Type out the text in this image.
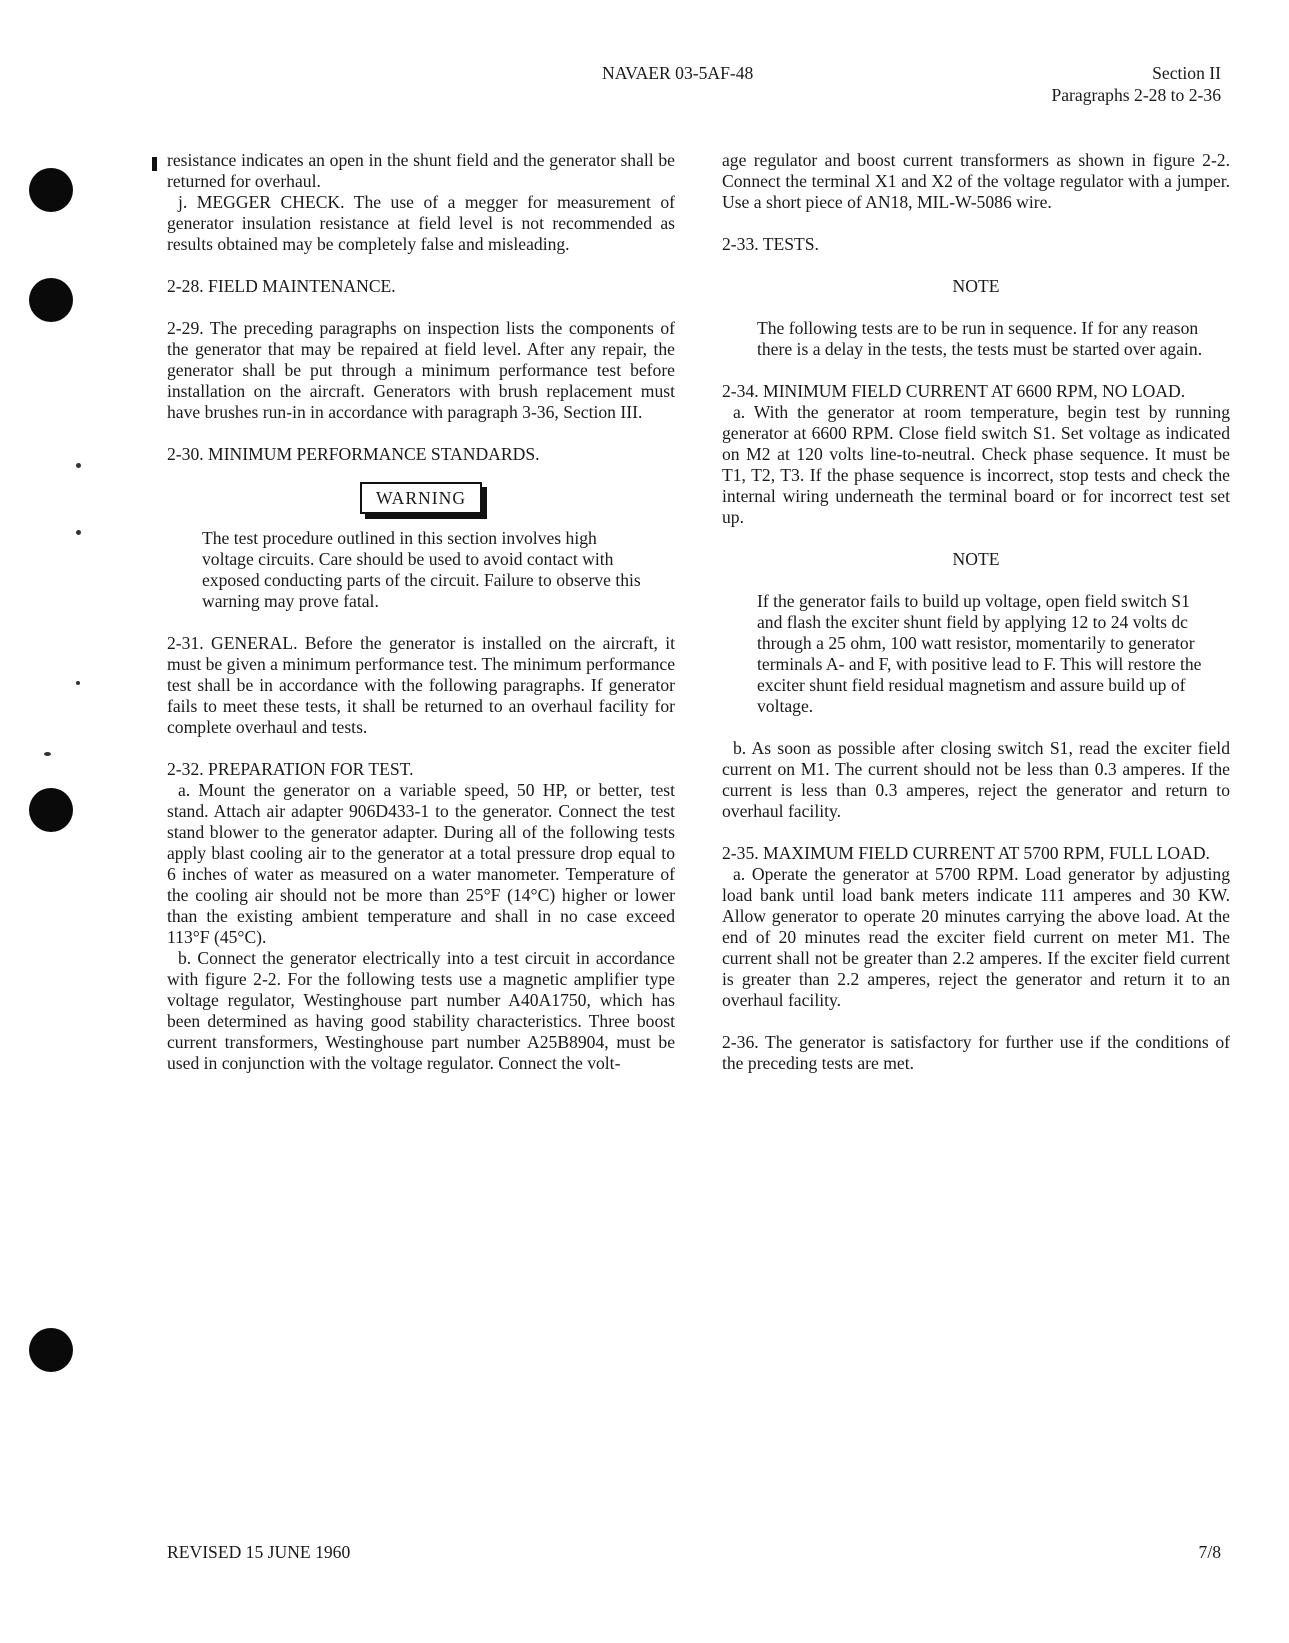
NAVAER 03-5AF-48	Section II
Paragraphs 2-28 to 2-36

resistance indicates an open in the shunt field and the generator shall be returned for overhaul.

j. MEGGER CHECK. The use of a megger for measurement of generator insulation resistance at field level is not recommended as results obtained may be completely false and misleading.

2-28. FIELD MAINTENANCE.

2-29. The preceding paragraphs on inspection lists the components of the generator that may be repaired at field level. After any repair, the generator shall be put through a minimum performance test before installation on the aircraft. Generators with brush replacement must have brushes run-in in accordance with paragraph 3-36, Section III.

2-30. MINIMUM PERFORMANCE STANDARDS.

WARNING

The test procedure outlined in this section involves high voltage circuits. Care should be used to avoid contact with exposed conducting parts of the circuit. Failure to observe this warning may prove fatal.

2-31. GENERAL. Before the generator is installed on the aircraft, it must be given a minimum performance test. The minimum performance test shall be in accordance with the following paragraphs. If generator fails to meet these tests, it shall be returned to an overhaul facility for complete overhaul and tests.

2-32. PREPARATION FOR TEST.

a. Mount the generator on a variable speed, 50 HP, or better, test stand. Attach air adapter 906D433-1 to the generator. Connect the test stand blower to the generator adapter. During all of the following tests apply blast cooling air to the generator at a total pressure drop equal to 6 inches of water as measured on a water manometer. Temperature of the cooling air should not be more than 25°F (14°C) higher or lower than the existing ambient temperature and shall in no case exceed 113°F (45°C).

b. Connect the generator electrically into a test circuit in accordance with figure 2-2. For the following tests use a magnetic amplifier type voltage regulator, Westinghouse part number A40A1750, which has been determined as having good stability characteristics. Three boost current transformers, Westinghouse part number A25B8904, must be used in conjunction with the voltage regulator. Connect the volt-

age regulator and boost current transformers as shown in figure 2-2. Connect the terminal X1 and X2 of the voltage regulator with a jumper. Use a short piece of AN18, MIL-W-5086 wire.

2-33. TESTS.

NOTE

The following tests are to be run in sequence. If for any reason there is a delay in the tests, the tests must be started over again.

2-34. MINIMUM FIELD CURRENT AT 6600 RPM, NO LOAD.

a. With the generator at room temperature, begin test by running generator at 6600 RPM. Close field switch S1. Set voltage as indicated on M2 at 120 volts line-to-neutral. Check phase sequence. It must be T1, T2, T3. If the phase sequence is incorrect, stop tests and check the internal wiring underneath the terminal board or for incorrect test set up.

NOTE

If the generator fails to build up voltage, open field switch S1 and flash the exciter shunt field by applying 12 to 24 volts dc through a 25 ohm, 100 watt resistor, momentarily to generator terminals A- and F, with positive lead to F. This will restore the exciter shunt field residual magnetism and assure build up of voltage.

b. As soon as possible after closing switch S1, read the exciter field current on M1. The current should not be less than 0.3 amperes. If the current is less than 0.3 amperes, reject the generator and return to overhaul facility.

2-35. MAXIMUM FIELD CURRENT AT 5700 RPM, FULL LOAD.

a. Operate the generator at 5700 RPM. Load generator by adjusting load bank until load bank meters indicate 111 amperes and 30 KW. Allow generator to operate 20 minutes carrying the above load. At the end of 20 minutes read the exciter field current on meter M1. The current shall not be greater than 2.2 amperes. If the exciter field current is greater than 2.2 amperes, reject the generator and return it to an overhaul facility.

2-36. The generator is satisfactory for further use if the conditions of the preceding tests are met.

REVISED 15 JUNE 1960	7/8
